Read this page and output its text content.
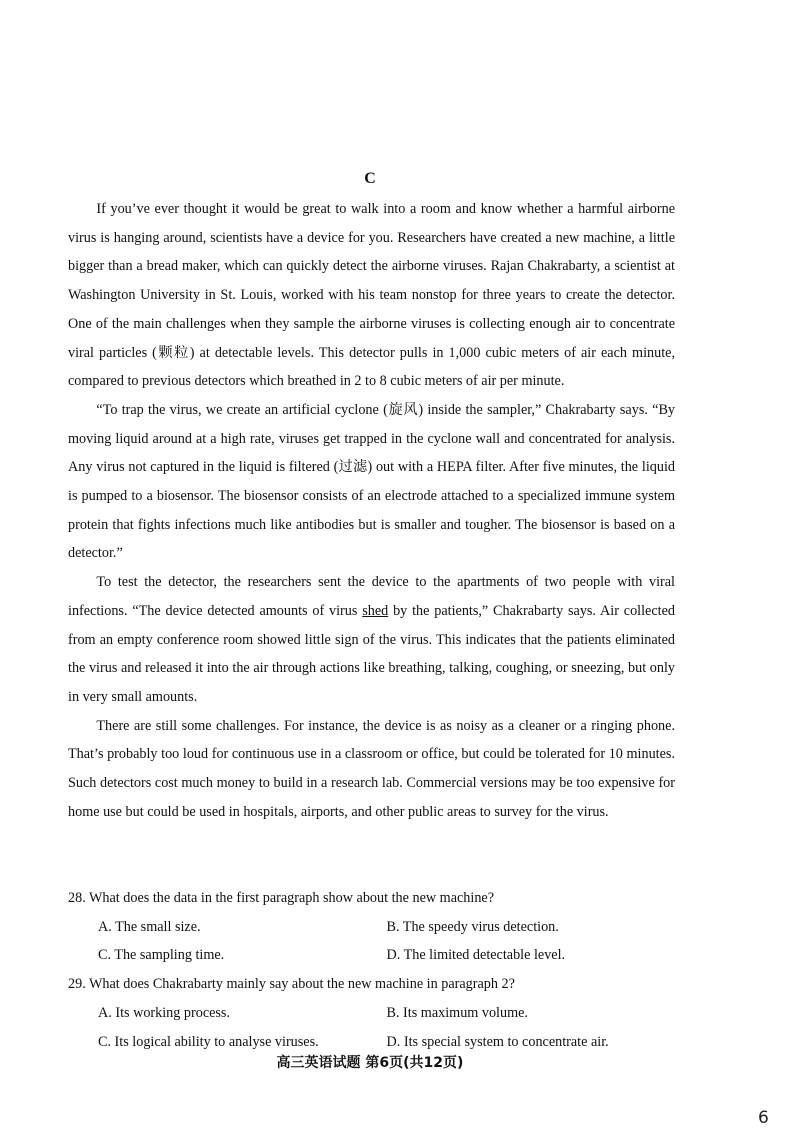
C

If you’ve ever thought it would be great to walk into a room and know whether a harmful airborne virus is hanging around, scientists have a device for you. Researchers have created a new machine, a little bigger than a bread maker, which can quickly detect the airborne viruses. Rajan Chakrabarty, a scientist at Washington University in St. Louis, worked with his team nonstop for three years to create the detector. One of the main challenges when they sample the airborne viruses is collecting enough air to concentrate viral particles (颗粒) at detectable levels. This detector pulls in 1,000 cubic meters of air each minute, compared to previous detectors which breathed in 2 to 8 cubic meters of air per minute.

“To trap the virus, we create an artificial cyclone (旋风) inside the sampler,” Chakrabarty says. “By moving liquid around at a high rate, viruses get trapped in the cyclone wall and concentrated for analysis. Any virus not captured in the liquid is filtered (过滤) out with a HEPA filter. After five minutes, the liquid is pumped to a biosensor. The biosensor consists of an electrode attached to a specialized immune system protein that fights infections much like antibodies but is smaller and tougher. The biosensor is based on a detector.”

To test the detector, the researchers sent the device to the apartments of two people with viral infections. “The device detected amounts of virus shed by the patients,” Chakrabarty says. Air collected from an empty conference room showed little sign of the virus. This indicates that the patients eliminated the virus and released it into the air through actions like breathing, talking, coughing, or sneezing, but only in very small amounts.

There are still some challenges. For instance, the device is as noisy as a cleaner or a ringing phone. That’s probably too loud for continuous use in a classroom or office, but could be tolerated for 10 minutes. Such detectors cost much money to build in a research lab. Commercial versions may be too expensive for home use but could be used in hospitals, airports, and other public areas to survey for the virus.

28. What does the data in the first paragraph show about the new machine?

A. The small size.	B. The speedy virus detection.
C. The sampling time.	D. The limited detectable level.

29. What does Chakrabarty mainly say about the new machine in paragraph 2?

A. Its working process.	B. Its maximum volume.
C. Its logical ability to analyse viruses.	D. Its special system to concentrate air.
高三英语试题 第6页(共12页)
6
